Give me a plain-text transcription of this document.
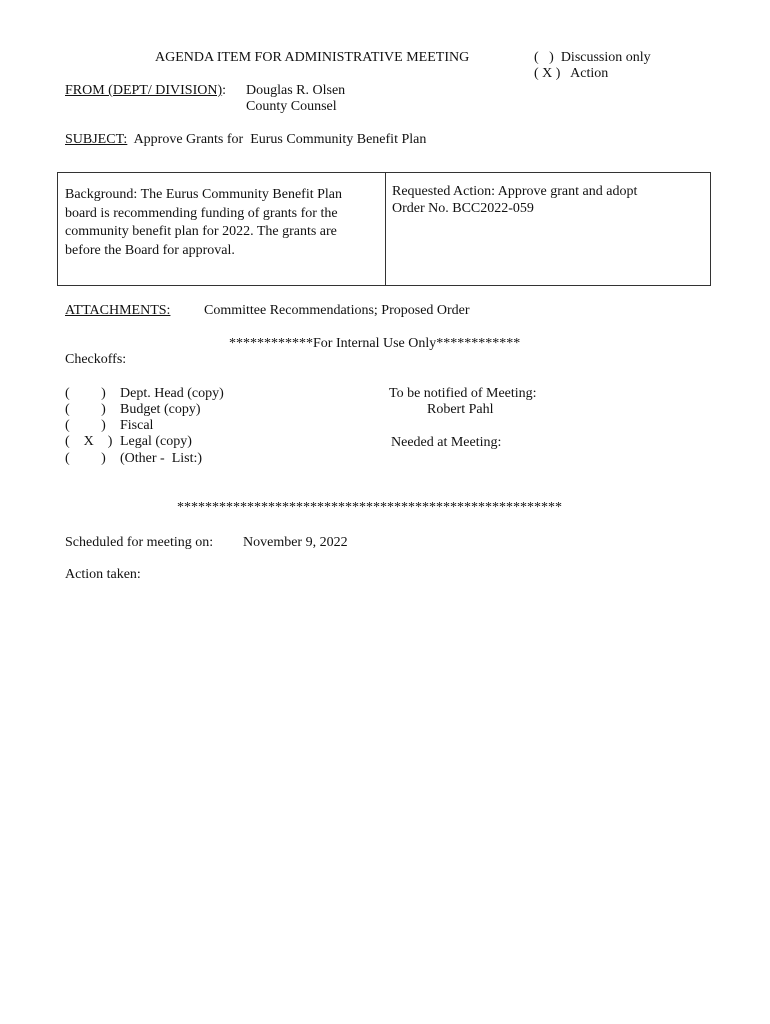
AGENDA ITEM FOR ADMINISTRATIVE MEETING	(   )  Discussion only
( X )   Action
FROM (DEPT/ DIVISION): Douglas R. Olsen
County Counsel
SUBJECT: Approve Grants for  Eurus Community Benefit Plan
Background: The Eurus Community Benefit Plan
board is recommending funding of grants for the
community benefit plan for 2022. The grants are
before the Board for approval.
Requested Action: Approve grant and adopt
Order No. BCC2022-059
ATTACHMENTS: Committee Recommendations; Proposed Order
************For Internal Use Only************
Checkoffs:
(         ) Dept. Head (copy)
(         ) Budget (copy)
(         ) Fiscal
(    X    ) Legal (copy)
(         ) (Other -  List:)
To be notified of Meeting:
Robert Pahl
Needed at Meeting:
*******************************************************
Scheduled for meeting on: November 9, 2022
Action taken:
